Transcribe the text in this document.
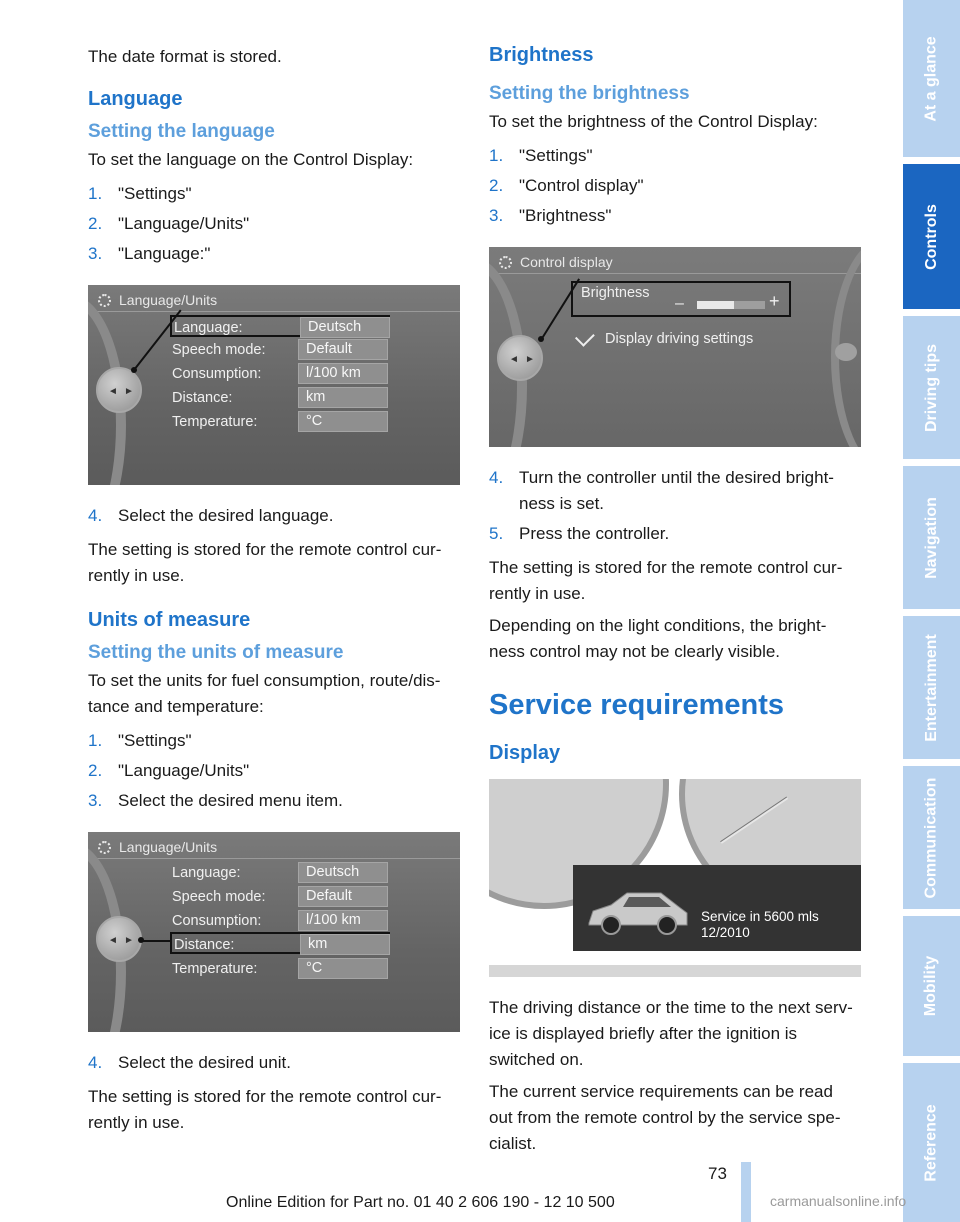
The date format is stored.

Language
Setting the language

To set the language on the Control Display:

1. "Settings"
2. "Language/Units"
3. "Language:"
Language/Units
◄ ►
Language:	Deutsch
Speech mode:	Default
Consumption:	l/100 km
Distance:	km
Temperature:	°C
4. Select the desired language.

The setting is stored for the remote control cur-rently in use.

Units of measure
Setting the units of measure

To set the units for fuel consumption, route/dis-tance and temperature:

1. "Settings"
2. "Language/Units"
3. Select the desired menu item.
Language/Units
◄ ►
Language:	Deutsch
Speech mode:	Default
Consumption:	l/100 km
Distance:	km
Temperature:	°C
4. Select the desired unit.

The setting is stored for the remote control cur-rently in use.

Brightness
Setting the brightness

To set the brightness of the Control Display:

1. "Settings"
2. "Control display"
3. "Brightness"
Control display
◄ ►
Brightness
–	+
Display driving settings
4. Turn the controller until the desired bright-ness is set.
5. Press the controller.

The setting is stored for the remote control cur-rently in use.

Depending on the light conditions, the bright-ness control may not be clearly visible.

Service requirements
Display
Service in 5600 mls
12/2010

The driving distance or the time to the next serv-ice is displayed briefly after the ignition is switched on.

The current service requirements can be read out from the remote control by the service spe-cialist.

At a glance
Controls
Driving tips
Navigation
Entertainment
Communication
Mobility
Reference
73
Online Edition for Part no. 01 40 2 606 190 - 12 10 500	carmanualsonline.info
